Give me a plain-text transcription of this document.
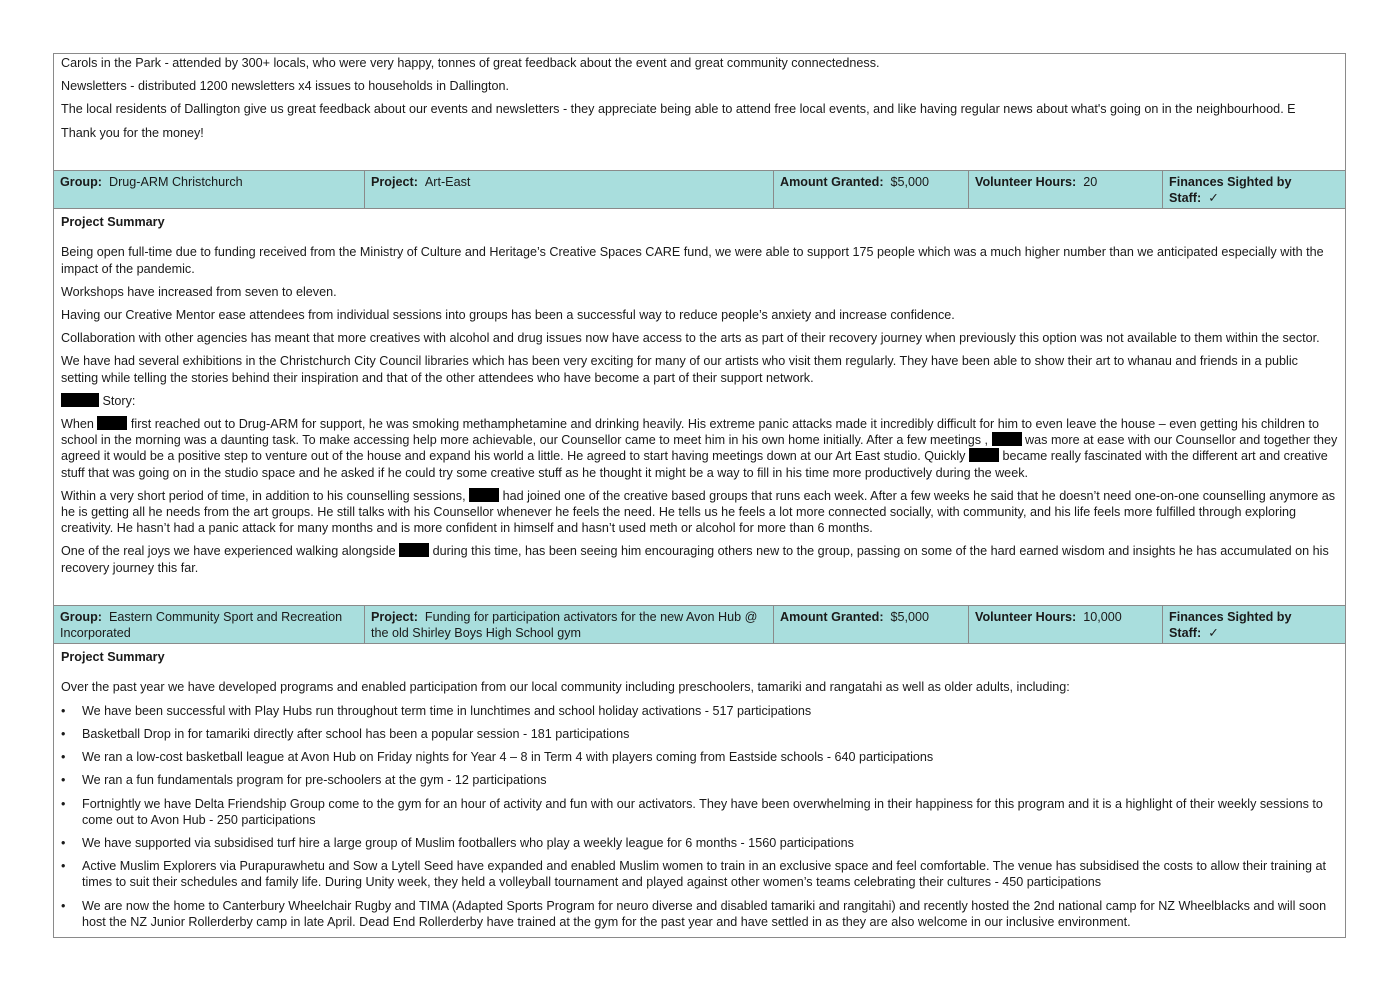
Carols in the Park - attended by 300+ locals, who were very happy, tonnes of great feedback about the event and great community connectedness.

Newsletters - distributed 1200 newsletters x4 issues to households in Dallington.

The local residents of Dallington give us great feedback about our events and newsletters - they appreciate being able to attend free local events, and like having regular news about what's going on in the neighbourhood. E

Thank you for the money!

Group: Drug-ARM Christchurch	Project: Art-East	Amount Granted: $5,000	Volunteer Hours: 20	Finances Sighted by Staff: ✓

Project Summary

Being open full-time due to funding received from the Ministry of Culture and Heritage’s Creative Spaces CARE fund, we were able to support 175 people which was a much higher number than we anticipated especially with the impact of the pandemic.

Workshops have increased from seven to eleven.

Having our Creative Mentor ease attendees from individual sessions into groups has been a successful way to reduce people’s anxiety and increase confidence.

Collaboration with other agencies has meant that more creatives with alcohol and drug issues now have access to the arts as part of their recovery journey when previously this option was not available to them within the sector.

We have had several exhibitions in the Christchurch City Council libraries which has been very exciting for many of our artists who visit them regularly. They have been able to show their art to whanau and friends in a public setting while telling the stories behind their inspiration and that of the other attendees who have become a part of their support network.

Story:

When	first reached out to Drug-ARM for support, he was smoking methamphetamine and drinking heavily. His extreme panic attacks made it incredibly difficult for him to even leave the house – even getting his children to school in the morning was a daunting task. To make accessing help more achievable, our Counsellor came to meet him in his own home initially. After a few meetings ,	was more at ease with our Counsellor and together they agreed it would be a positive step to venture out of the house and expand his world a little. He agreed to start having meetings down at our Art East studio. Quickly	became really fascinated with the different art and creative stuff that was going on in the studio space and he asked if he could try some creative stuff as he thought it might be a way to fill in his time more productively during the week.

Within a very short period of time, in addition to his counselling sessions,	had joined one of the creative based groups that runs each week. After a few weeks he said that he doesn’t need one-on-one counselling anymore as he is getting all he needs from the art groups. He still talks with his Counsellor whenever he feels the need. He tells us he feels a lot more connected socially, with community, and his life feels more fulfilled through exploring creativity. He hasn’t had a panic attack for many months and is more confident in himself and hasn’t used meth or alcohol for more than 6 months.

One of the real joys we have experienced walking alongside	during this time, has been seeing him encouraging others new to the group, passing on some of the hard earned wisdom and insights he has accumulated on his recovery journey this far.

Group: Eastern Community Sport and Recreation Incorporated
Project: Funding for participation activators for the new Avon Hub @ the old Shirley Boys High School gym
Amount Granted: $5,000	Volunteer Hours: 10,000	Finances Sighted by Staff: ✓

Project Summary

Over the past year we have developed programs and enabled participation from our local community including preschoolers, tamariki and rangatahi as well as older adults, including:

• We have been successful with Play Hubs run throughout term time in lunchtimes and school holiday activations - 517 participations
• Basketball Drop in for tamariki directly after school has been a popular session - 181 participations
• We ran a low-cost basketball league at Avon Hub on Friday nights for Year 4 – 8 in Term 4 with players coming from Eastside schools - 640 participations
• We ran a fun fundamentals program for pre-schoolers at the gym - 12 participations
• Fortnightly we have Delta Friendship Group come to the gym for an hour of activity and fun with our activators. They have been overwhelming in their happiness for this program and it is a highlight of their weekly sessions to come out to Avon Hub - 250 participations
• We have supported via subsidised turf hire a large group of Muslim footballers who play a weekly league for 6 months - 1560 participations
• Active Muslim Explorers via Purapurawhetu and Sow a Lytell Seed have expanded and enabled Muslim women to train in an exclusive space and feel comfortable. The venue has subsidised the costs to allow their training at times to suit their schedules and family life. During Unity week, they held a volleyball tournament and played against other women’s teams celebrating their cultures - 450 participations
• We are now the home to Canterbury Wheelchair Rugby and TIMA (Adapted Sports Program for neuro diverse and disabled tamariki and rangitahi) and recently hosted the 2nd national camp for NZ Wheelblacks and will soon host the NZ Junior Rollerderby camp in late April. Dead End Rollerderby have trained at the gym for the past year and have settled in as they are also welcome in our inclusive environment.
